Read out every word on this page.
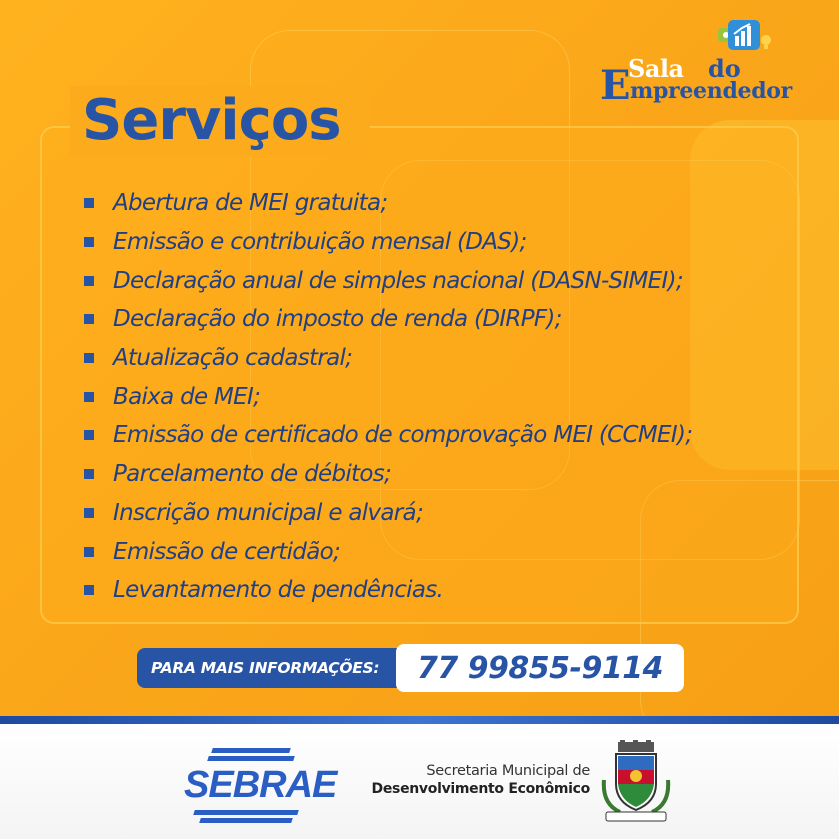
Sala do
E mpreendedor
Serviços
Abertura de MEI gratuita;
Emissão e contribuição mensal (DAS);
Declaração anual de simples nacional (DASN-SIMEI);
Declaração do imposto de renda (DIRPF);
Atualização cadastral;
Baixa de MEI;
Emissão de certificado de comprovação MEI (CCMEI);
Parcelamento de débitos;
Inscrição municipal e alvará;
Emissão de certidão;
Levantamento de pendências.
PARA MAIS INFORMAÇÕES:	77 99855-9114
SEBRAE	Secretaria Municipal de
Desenvolvimento Econômico
